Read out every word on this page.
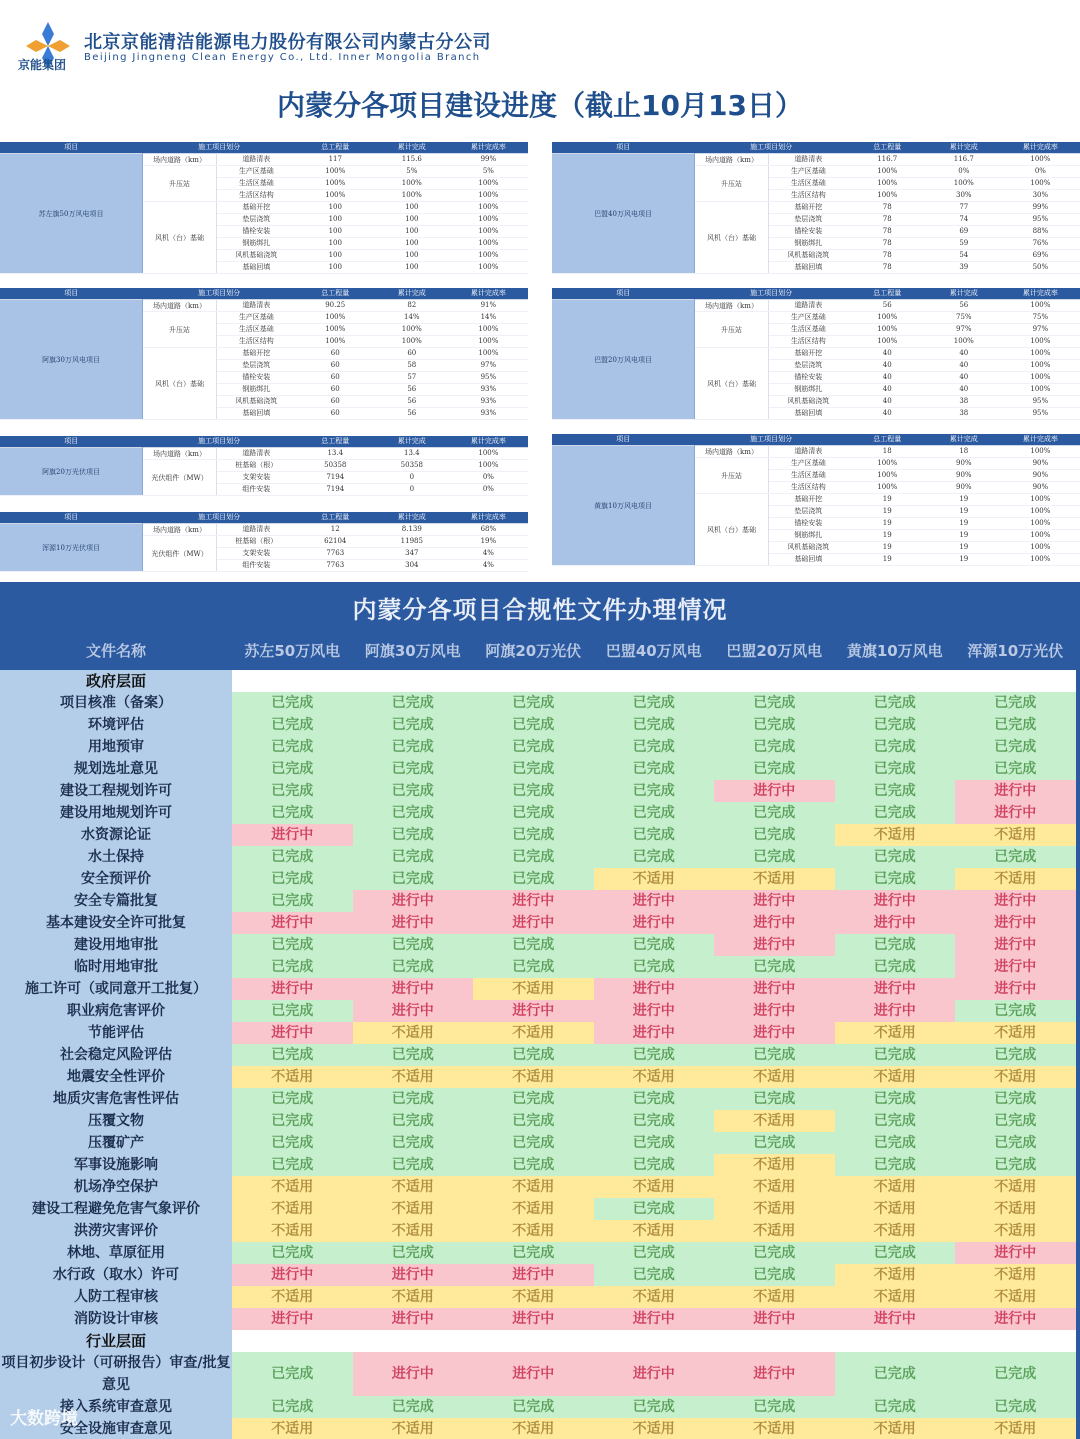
京能集团
北京京能清洁能源电力股份有限公司内蒙古分公司
Beijing Jingneng Clean Energy Co., Ltd. Inner Mongolia Branch
内蒙分各项目建设进度（截止10月13日）
项目	施工项目划分		总工程量	累计完成	累计完成率
苏左旗50万风电项目	场内道路（km）	道路清表	117	115.6	99%
	升压站	生产区基础	100%	5%	5%
		生活区基础	100%	100%	100%
		生活区结构	100%	100%	100%
	风机（台）基础	基础开挖	100	100	100%
		垫层浇筑	100	100	100%
		锚栓安装	100	100	100%
		钢筋绑扎	100	100	100%
		风机基础浇筑	100	100	100%
		基础回填	100	100	100%
项目	施工项目划分		总工程量	累计完成	累计完成率
巴盟40万风电项目	场内道路（km）	道路清表	116.7	116.7	100%
	升压站	生产区基础	100%	0%	0%
		生活区基础	100%	100%	100%
		生活区结构	100%	30%	30%
	风机（台）基础	基础开挖	78	77	99%
		垫层浇筑	78	74	95%
		锚栓安装	78	69	88%
		钢筋绑扎	78	59	76%
		风机基础浇筑	78	54	69%
		基础回填	78	39	50%
项目	施工项目划分		总工程量	累计完成	累计完成率
阿旗30万风电项目	场内道路（km）	道路清表	90.25	82	91%
	升压站	生产区基础	100%	14%	14%
		生活区基础	100%	100%	100%
		生活区结构	100%	100%	100%
	风机（台）基础	基础开挖	60	60	100%
		垫层浇筑	60	58	97%
		锚栓安装	60	57	95%
		钢筋绑扎	60	56	93%
		风机基础浇筑	60	56	93%
		基础回填	60	56	93%
项目	施工项目划分		总工程量	累计完成	累计完成率
巴盟20万风电项目	场内道路（km）	道路清表	56	56	100%
	升压站	生产区基础	100%	75%	75%
		生活区基础	100%	97%	97%
		生活区结构	100%	100%	100%
	风机（台）基础	基础开挖	40	40	100%
		垫层浇筑	40	40	100%
		锚栓安装	40	40	100%
		钢筋绑扎	40	40	100%
		风机基础浇筑	40	38	95%
		基础回填	40	38	95%
项目	施工项目划分		总工程量	累计完成	累计完成率
阿旗20万光伏项目	场内道路（km）	道路清表	13.4	13.4	100%
	光伏组件（MW）	桩基础（根）	50358	50358	100%
		支架安装	7194	0	0%
		组件安装	7194	0	0%
项目	施工项目划分		总工程量	累计完成	累计完成率
黄旗10万风电项目	场内道路（km）	道路清表	18	18	100%
	升压站	生产区基础	100%	90%	90%
		生活区基础	100%	90%	90%
		生活区结构	100%	90%	90%
	风机（台）基础	基础开挖	19	19	100%
		垫层浇筑	19	19	100%
		锚栓安装	19	19	100%
		钢筋绑扎	19	19	100%
		风机基础浇筑	19	19	100%
		基础回填	19	19	100%
项目	施工项目划分		总工程量	累计完成	累计完成率
浑源10万光伏项目	场内道路（km）	道路清表	12	8.139	68%
	光伏组件（MW）	桩基础（根）	62104	11985	19%
		支架安装	7763	347	4%
		组件安装	7763	304	4%
内蒙分各项目合规性文件办理情况
文件名称	苏左50万风电	阿旗30万风电	阿旗20万光伏	巴盟40万风电	巴盟20万风电	黄旗10万风电	浑源10万光伏
政府层面
项目核准（备案）	已完成	已完成	已完成	已完成	已完成	已完成	已完成
环境评估	已完成	已完成	已完成	已完成	已完成	已完成	已完成
用地预审	已完成	已完成	已完成	已完成	已完成	已完成	已完成
规划选址意见	已完成	已完成	已完成	已完成	已完成	已完成	已完成
建设工程规划许可	已完成	已完成	已完成	已完成	进行中	已完成	进行中
建设用地规划许可	已完成	已完成	已完成	已完成	已完成	已完成	进行中
水资源论证	进行中	已完成	已完成	已完成	已完成	不适用	不适用
水土保持	已完成	已完成	已完成	已完成	已完成	已完成	已完成
安全预评价	已完成	已完成	已完成	不适用	不适用	已完成	不适用
安全专篇批复	已完成	进行中	进行中	进行中	进行中	进行中	进行中
基本建设安全许可批复	进行中	进行中	进行中	进行中	进行中	进行中	进行中
建设用地审批	已完成	已完成	已完成	已完成	进行中	已完成	进行中
临时用地审批	已完成	已完成	已完成	已完成	已完成	已完成	进行中
施工许可（或同意开工批复）	进行中	进行中	不适用	进行中	进行中	进行中	进行中
职业病危害评价	已完成	进行中	进行中	进行中	进行中	进行中	已完成
节能评估	进行中	不适用	不适用	进行中	进行中	不适用	不适用
社会稳定风险评估	已完成	已完成	已完成	已完成	已完成	已完成	已完成
地震安全性评价	不适用	不适用	不适用	不适用	不适用	不适用	不适用
地质灾害危害性评估	已完成	已完成	已完成	已完成	已完成	已完成	已完成
压覆文物	已完成	已完成	已完成	已完成	不适用	已完成	已完成
压覆矿产	已完成	已完成	已完成	已完成	已完成	已完成	已完成
军事设施影响	已完成	已完成	已完成	已完成	不适用	已完成	已完成
机场净空保护	不适用	不适用	不适用	不适用	不适用	不适用	不适用
建设工程避免危害气象评价	不适用	不适用	不适用	已完成	不适用	不适用	不适用
洪涝灾害评价	不适用	不适用	不适用	不适用	不适用	不适用	不适用
林地、草原征用	已完成	已完成	已完成	已完成	已完成	已完成	进行中
水行政（取水）许可	进行中	进行中	进行中	已完成	已完成	不适用	不适用
人防工程审核	不适用	不适用	不适用	不适用	不适用	不适用	不适用
消防设计审核	进行中	进行中	进行中	进行中	进行中	进行中	进行中
行业层面
项目初步设计（可研报告）审查/批复意见
已完成	进行中	进行中	进行中	进行中	已完成	已完成
接入系统审查意见	已完成	已完成	已完成	已完成	已完成	已完成	已完成
安全设施审查意见	不适用	不适用	不适用	不适用	不适用	不适用	不适用
大数跨境
